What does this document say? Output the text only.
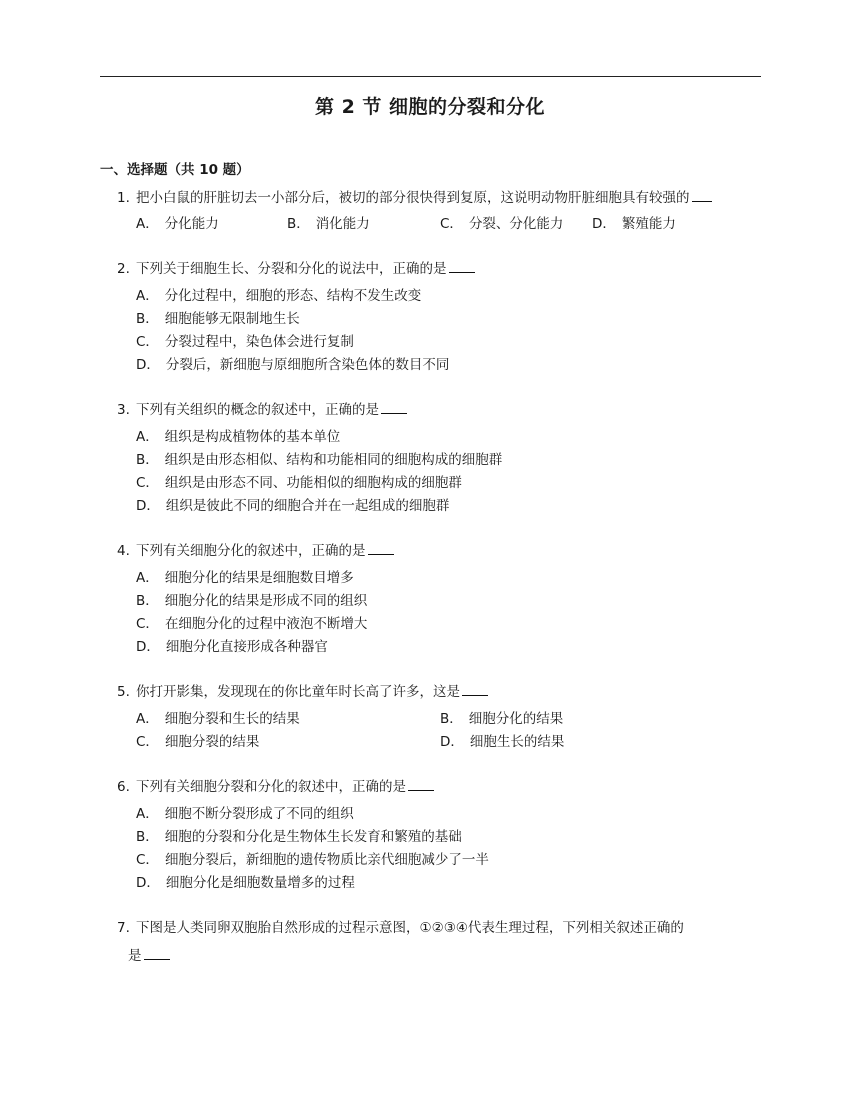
第 2 节 细胞的分裂和分化
一、选择题（共 10 题）
1. 把小白鼠的肝脏切去一小部分后，被切的部分很快得到复原，这说明动物肝脏细胞具有较强的
A． 分化能力	B． 消化能力	C． 分裂、分化能力 D． 繁殖能力
2. 下列关于细胞生长、分裂和分化的说法中，正确的是
A． 分化过程中，细胞的形态、结构不发生改变
B． 细胞能够无限制地生长
C． 分裂过程中，染色体会进行复制
D． 分裂后，新细胞与原细胞所含染色体的数目不同
3. 下列有关组织的概念的叙述中，正确的是
A． 组织是构成植物体的基本单位
B． 组织是由形态相似、结构和功能相同的细胞构成的细胞群
C． 组织是由形态不同、功能相似的细胞构成的细胞群
D． 组织是彼此不同的细胞合并在一起组成的细胞群
4. 下列有关细胞分化的叙述中，正确的是
A． 细胞分化的结果是细胞数目增多
B． 细胞分化的结果是形成不同的组织
C． 在细胞分化的过程中液泡不断增大
D． 细胞分化直接形成各种器官
5. 你打开影集，发现现在的你比童年时长高了许多，这是
A． 细胞分裂和生长的结果	B． 细胞分化的结果
C． 细胞分裂的结果	D． 细胞生长的结果
6. 下列有关细胞分裂和分化的叙述中，正确的是
A． 细胞不断分裂形成了不同的组织
B． 细胞的分裂和分化是生物体生长发育和繁殖的基础
C． 细胞分裂后，新细胞的遗传物质比亲代细胞减少了一半
D． 细胞分化是细胞数量增多的过程
7. 下图是人类同卵双胞胎自然形成的过程示意图，①②③④代表生理过程，下列相关叙述正确的
是
